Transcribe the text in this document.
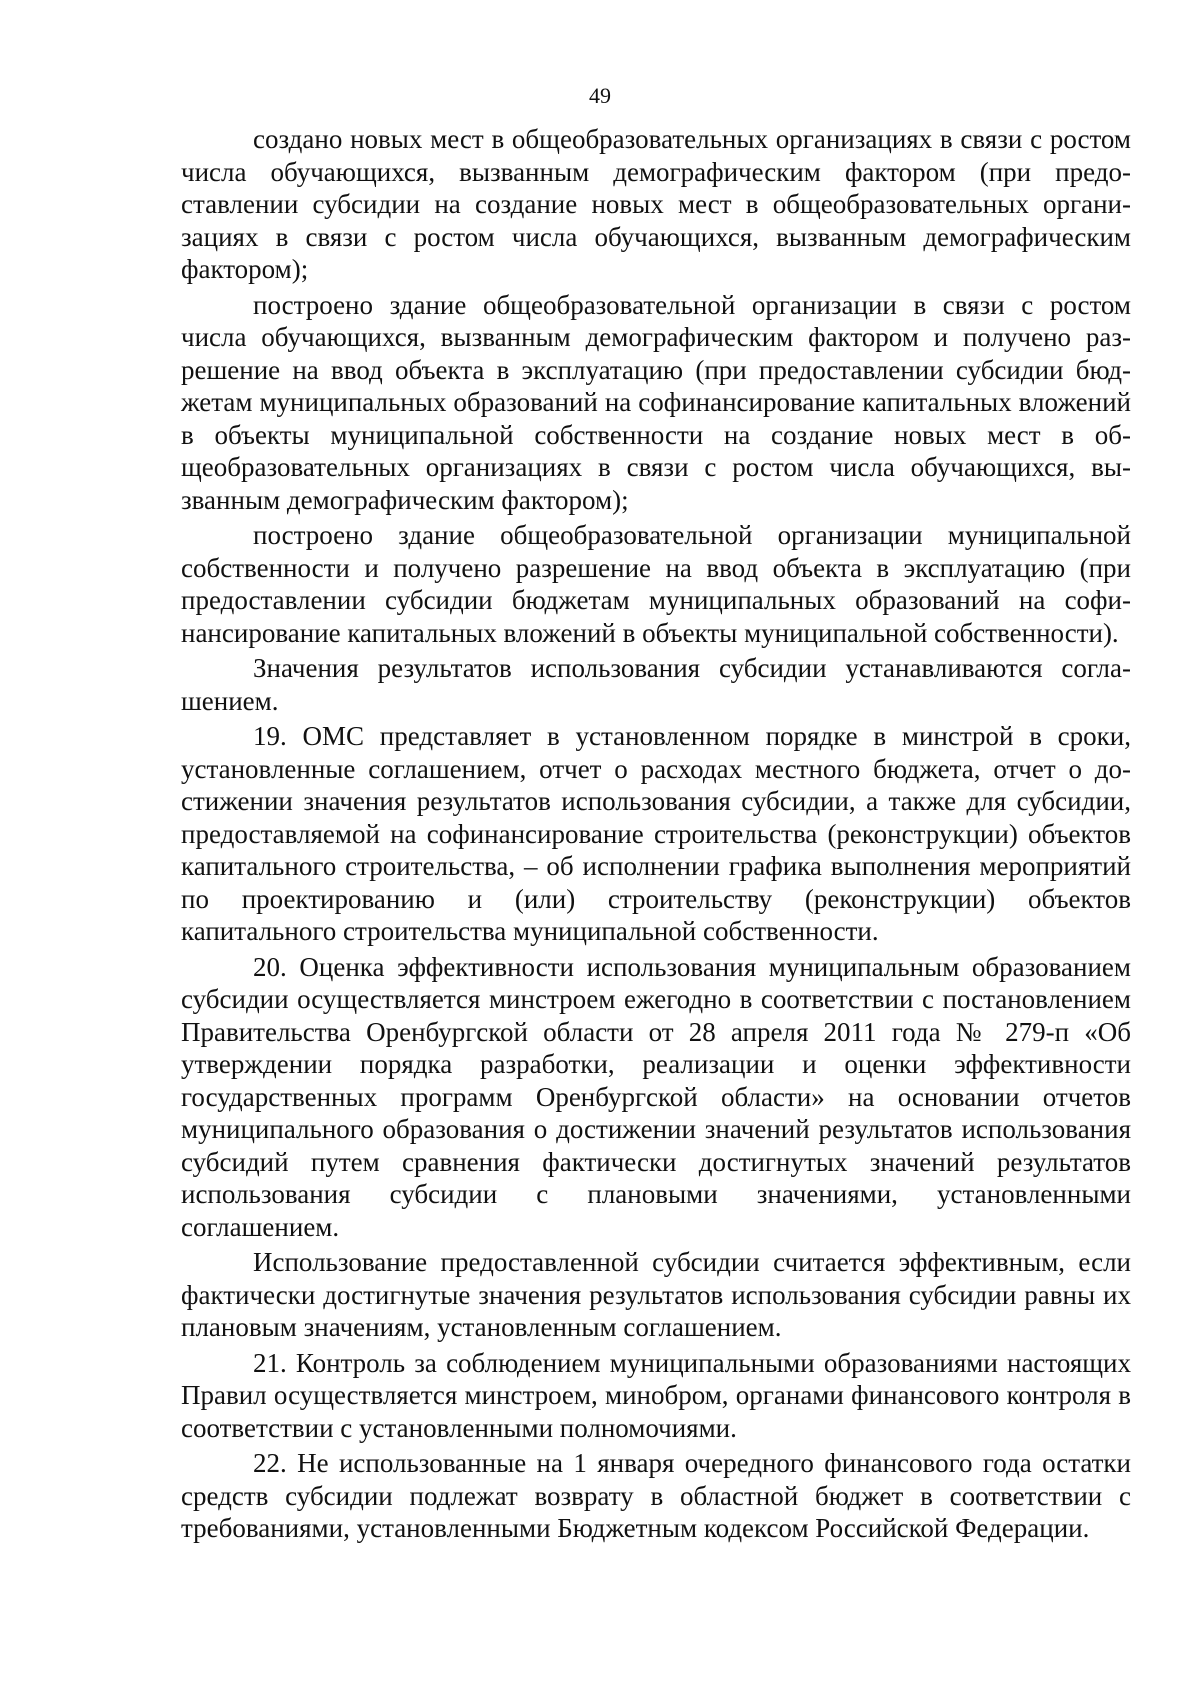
49

создано новых мест в общеобразовательных организациях в связи с ростом числа обучающихся, вызванным демографическим фактором (при предоставлении субсидии на создание новых мест в общеобразовательных организациях в связи с ростом числа обучающихся, вызванным демографическим фактором);

построено здание общеобразовательной организации в связи с ростом числа обучающихся, вызванным демографическим фактором и получено разрешение на ввод объекта в эксплуатацию (при предоставлении субсидии бюджетам муниципальных образований на софинансирование капитальных вложений в объекты муниципальной собственности на создание новых мест в общеобразовательных организациях в связи с ростом числа обучающихся, вызванным демографическим фактором);

построено здание общеобразовательной организации муниципальной собственности и получено разрешение на ввод объекта в эксплуатацию (при предоставлении субсидии бюджетам муниципальных образований на софинансирование капитальных вложений в объекты муниципальной собственности).

Значения результатов использования субсидии устанавливаются соглашением.

19. ОМС представляет в установленном порядке в минстрой в сроки, установленные соглашением, отчет о расходах местного бюджета, отчет о достижении значения результатов использования субсидии, а также для субсидии, предоставляемой на софинансирование строительства (реконструкции) объектов капитального строительства, – об исполнении графика выполнения мероприятий по проектированию и (или) строительству (реконструкции) объектов капитального строительства муниципальной собственности.

20. Оценка эффективности использования муниципальным образованием субсидии осуществляется минстроем ежегодно в соответствии с постановлением Правительства Оренбургской области от 28 апреля 2011 года № 279-п «Об утверждении порядка разработки, реализации и оценки эффективности государственных программ Оренбургской области» на основании отчетов муниципального образования о достижении значений результатов использования субсидий путем сравнения фактически достигнутых значений результатов использования субсидии с плановыми значениями, установленными соглашением.

Использование предоставленной субсидии считается эффективным, если фактически достигнутые значения результатов использования субсидии равны их плановым значениям, установленным соглашением.

21. Контроль за соблюдением муниципальными образованиями настоящих Правил осуществляется минстроем, минобром, органами финансового контроля в соответствии с установленными полномочиями.

22. Не использованные на 1 января очередного финансового года остатки средств субсидии подлежат возврату в областной бюджет в соответствии с требованиями, установленными Бюджетным кодексом Российской Федерации.
